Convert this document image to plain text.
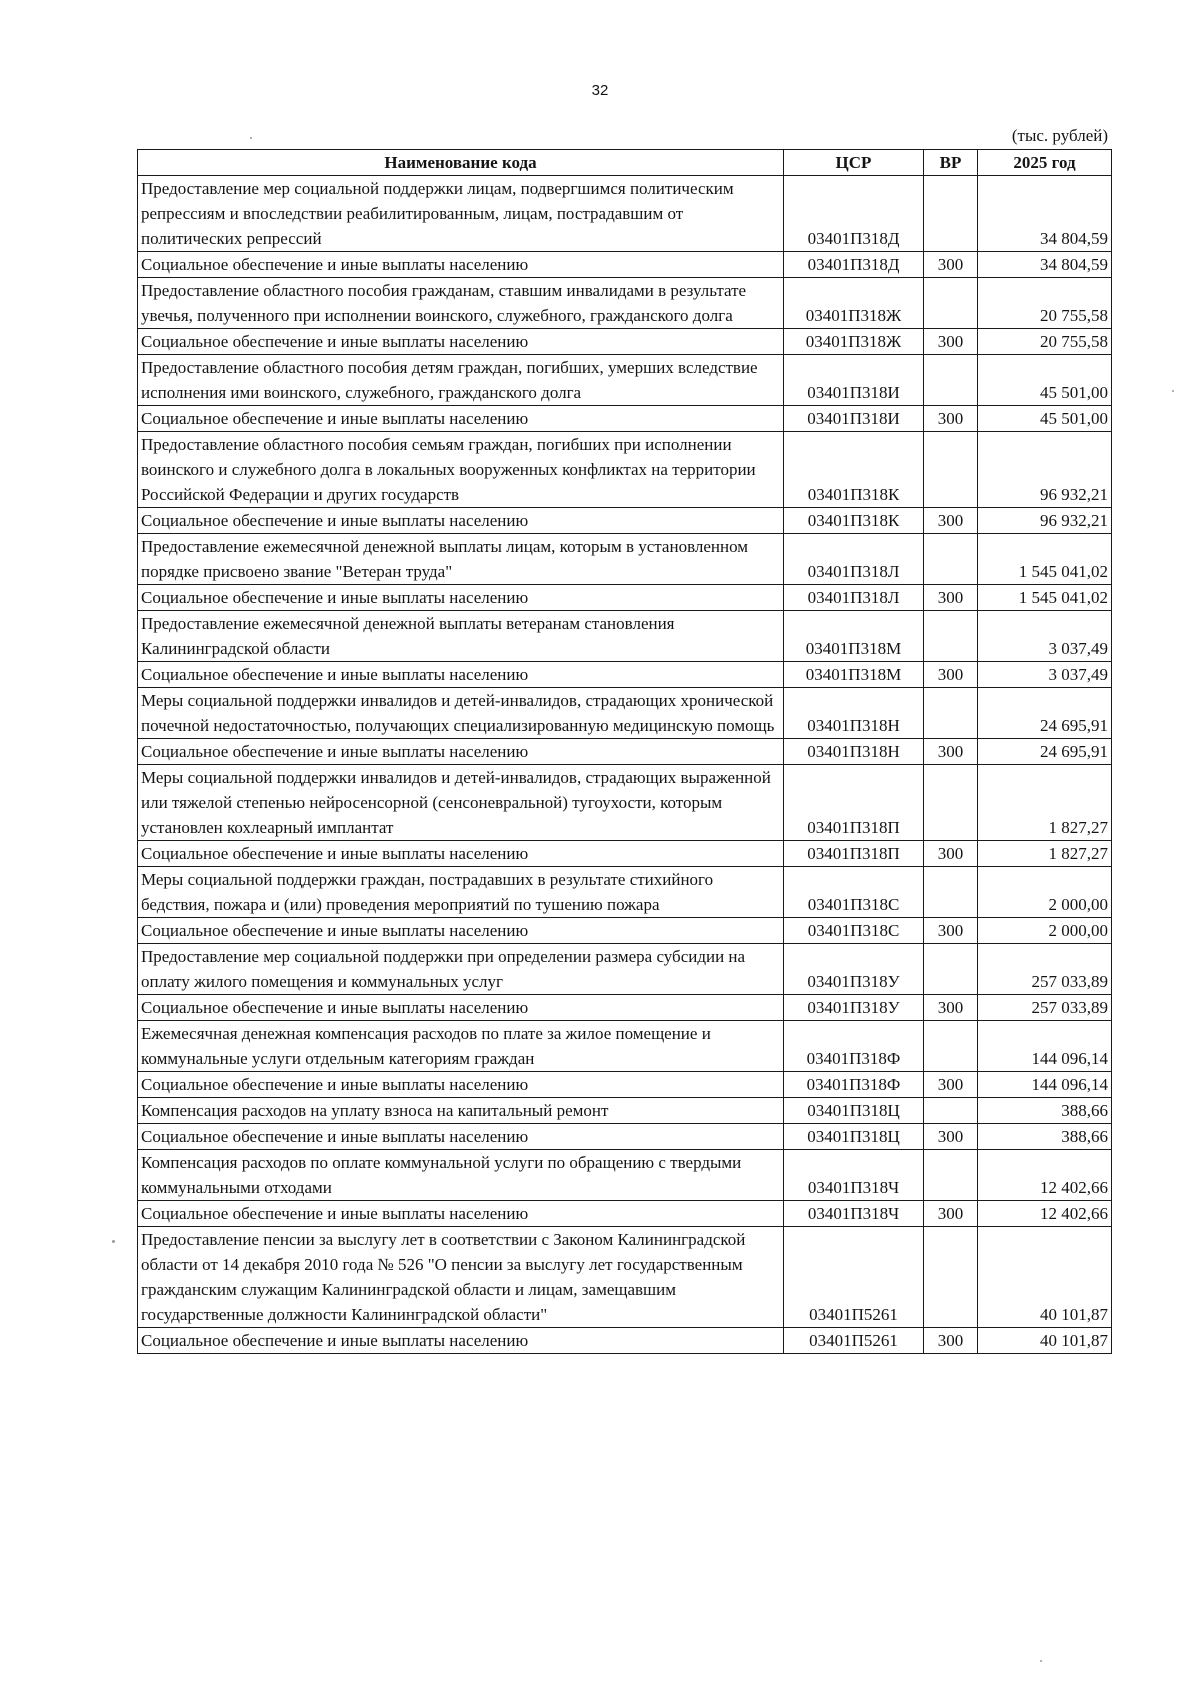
32
(тыс. рублей)
Наименование кода	ЦСР	ВР	2025 год
Предоставление мер социальной поддержки лицам, подвергшимся политическим репрессиям и впоследствии реабилитированным, лицам, пострадавшим от политических репрессий	03401П318Д		34 804,59
Социальное обеспечение и иные выплаты населению	03401П318Д	300	34 804,59
Предоставление областного пособия гражданам, ставшим инвалидами в результате увечья, полученного при исполнении воинского, служебного, гражданского долга	03401П318Ж		20 755,58
Социальное обеспечение и иные выплаты населению	03401П318Ж	300	20 755,58
Предоставление областного пособия детям граждан, погибших, умерших вследствие исполнения ими воинского, служебного, гражданского долга	03401П318И		45 501,00
Социальное обеспечение и иные выплаты населению	03401П318И	300	45 501,00
Предоставление областного пособия семьям граждан, погибших при исполнении воинского и служебного долга в локальных вооруженных конфликтах на территории Российской Федерации и других государств	03401П318К		96 932,21
Социальное обеспечение и иные выплаты населению	03401П318К	300	96 932,21
Предоставление ежемесячной денежной выплаты лицам, которым в установленном порядке присвоено звание "Ветеран труда"	03401П318Л		1 545 041,02
Социальное обеспечение и иные выплаты населению	03401П318Л	300	1 545 041,02
Предоставление ежемесячной денежной выплаты ветеранам становления Калининградской области	03401П318М		3 037,49
Социальное обеспечение и иные выплаты населению	03401П318М	300	3 037,49
Меры социальной поддержки инвалидов и детей-инвалидов, страдающих хронической почечной недостаточностью, получающих специализированную медицинскую помощь	03401П318Н		24 695,91
Социальное обеспечение и иные выплаты населению	03401П318Н	300	24 695,91
Меры социальной поддержки инвалидов и детей-инвалидов, страдающих выраженной или тяжелой степенью нейросенсорной (сенсоневральной) тугоухости, которым установлен кохлеарный имплантат	03401П318П		1 827,27
Социальное обеспечение и иные выплаты населению	03401П318П	300	1 827,27
Меры социальной поддержки граждан, пострадавших в результате стихийного бедствия, пожара и (или) проведения мероприятий по тушению пожара	03401П318С		2 000,00
Социальное обеспечение и иные выплаты населению	03401П318С	300	2 000,00
Предоставление мер социальной поддержки при определении размера субсидии на оплату жилого помещения и коммунальных услуг	03401П318У		257 033,89
Социальное обеспечение и иные выплаты населению	03401П318У	300	257 033,89
Ежемесячная денежная компенсация расходов по плате за жилое помещение и коммунальные услуги отдельным категориям граждан	03401П318Ф		144 096,14
Социальное обеспечение и иные выплаты населению	03401П318Ф	300	144 096,14
Компенсация расходов на уплату взноса на капитальный ремонт	03401П318Ц		388,66
Социальное обеспечение и иные выплаты населению	03401П318Ц	300	388,66
Компенсация расходов по оплате коммунальной услуги по обращению с твердыми коммунальными отходами	03401П318Ч		12 402,66
Социальное обеспечение и иные выплаты населению	03401П318Ч	300	12 402,66
Предоставление пенсии за выслугу лет в соответствии с Законом Калининградской области от 14 декабря 2010 года № 526 "О пенсии за выслугу лет государственным гражданским служащим Калининградской области и лицам, замещавшим государственные должности Калининградской области"	03401П5261		40 101,87
Социальное обеспечение и иные выплаты населению	03401П5261	300	40 101,87
